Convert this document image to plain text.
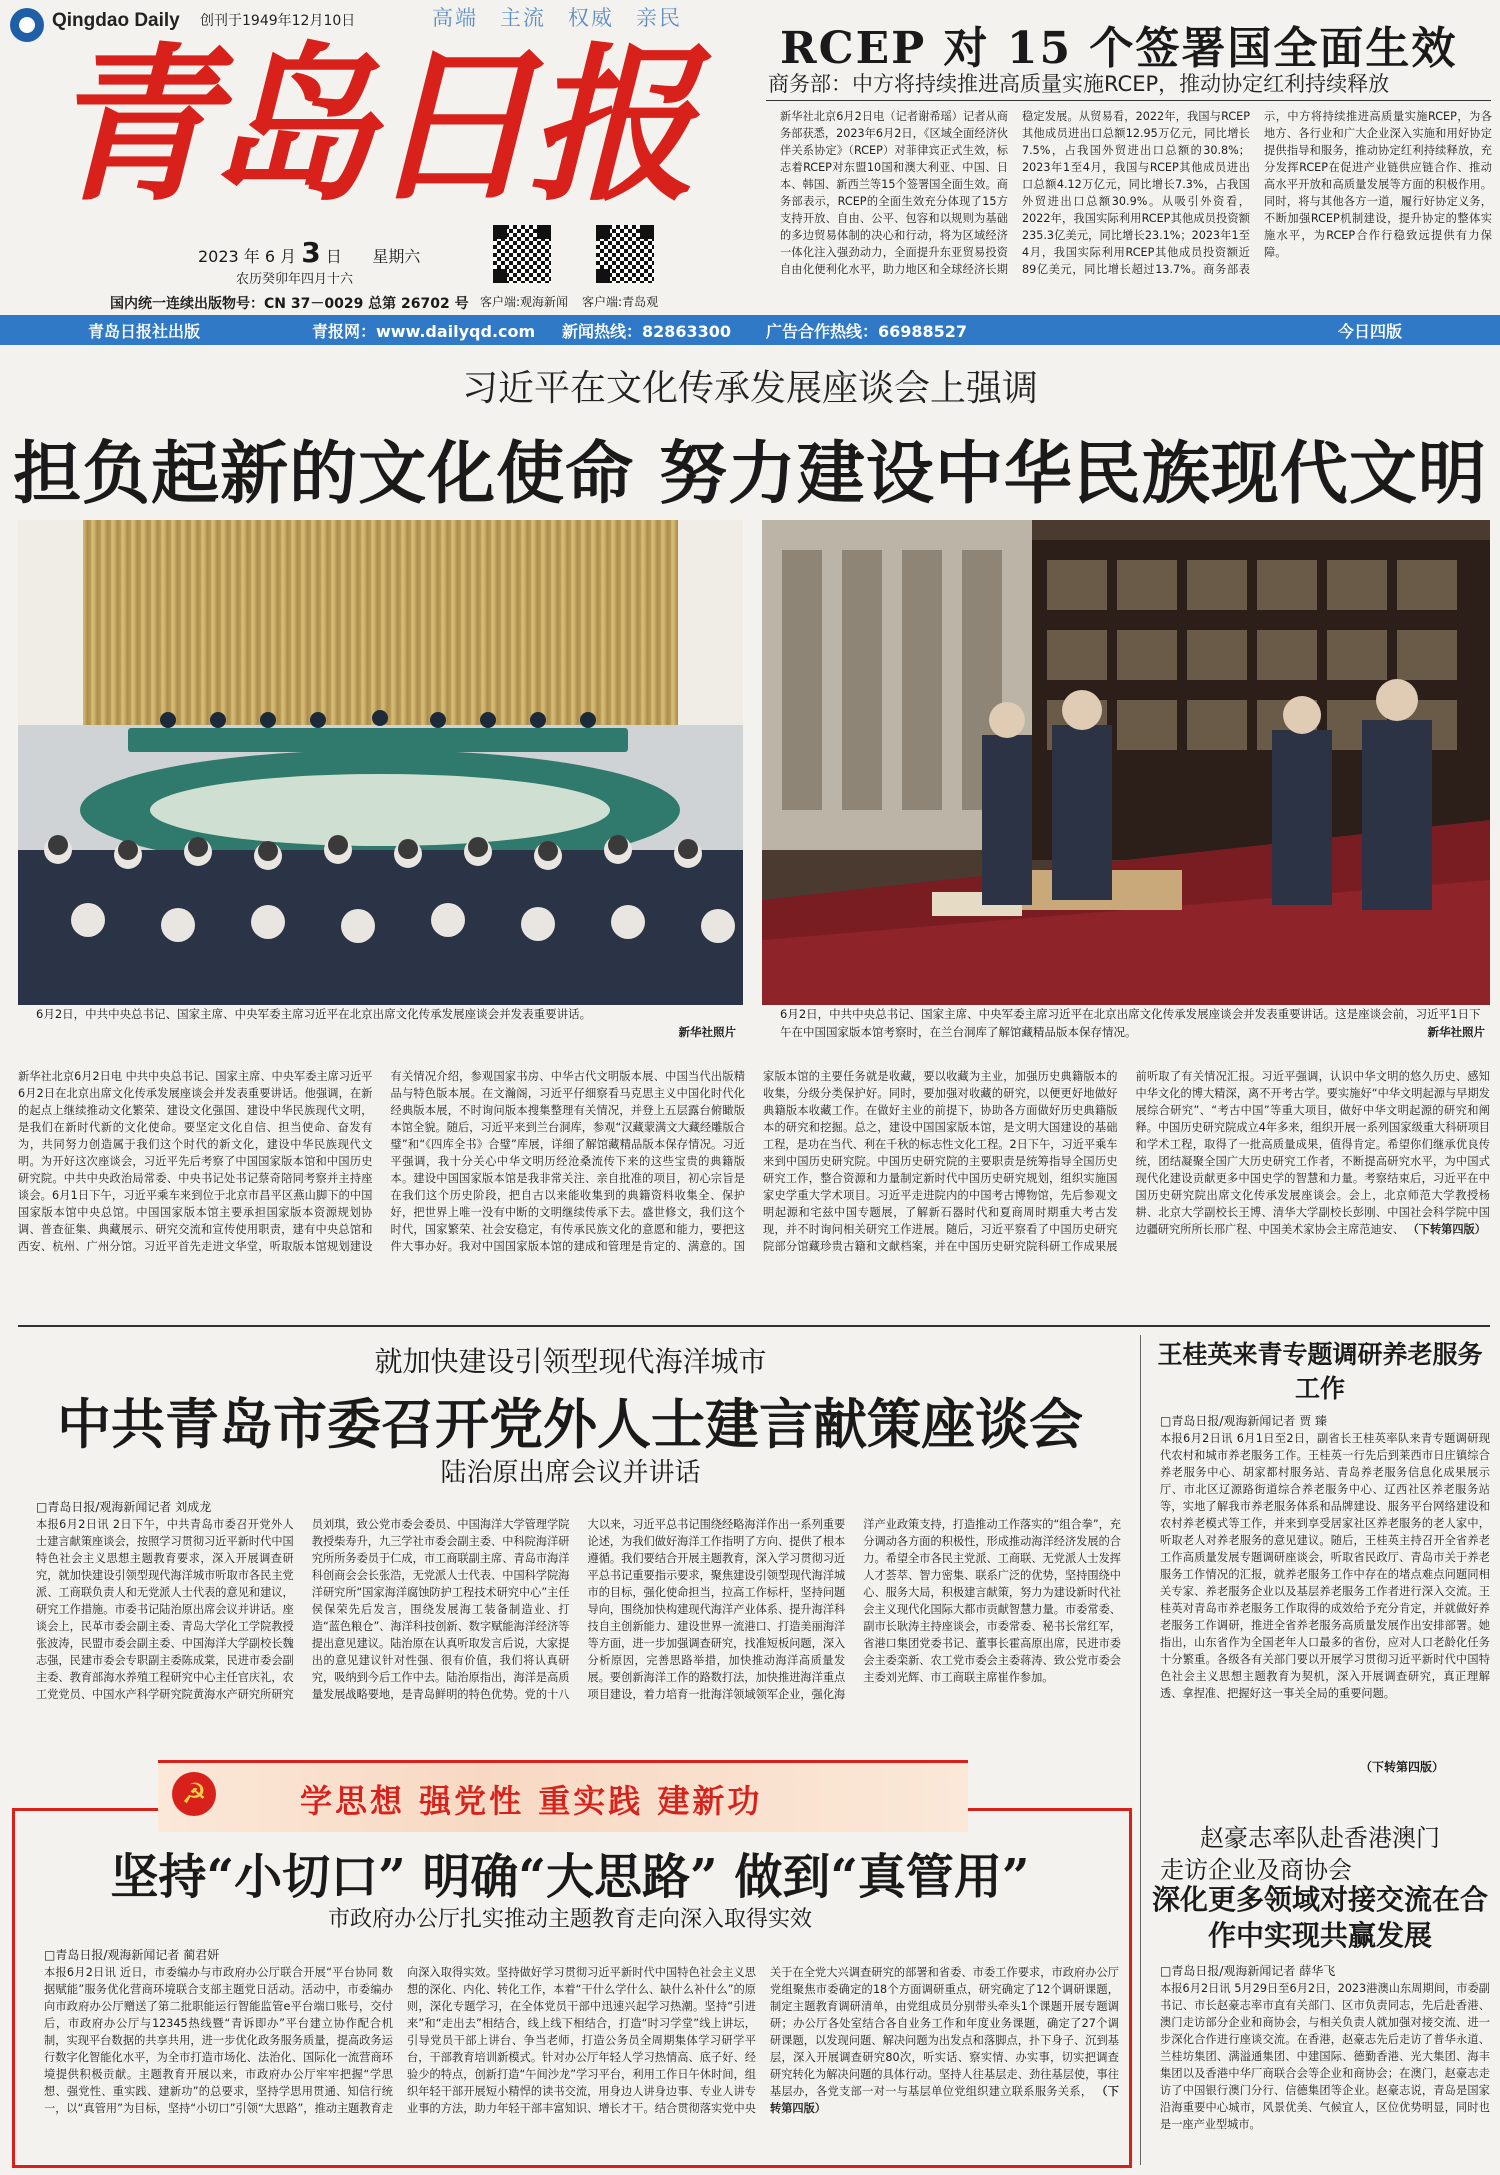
Qingdao Daily 创刊于1949年12月10日	高端 主流 权威 亲民
青岛日报
2023 年 6 月 3 日 星期六
农历癸卯年四月十六
国内统一连续出版物号：CN 37－0029 总第 26702 号 客户端:观海新闻 客户端:青岛观
RCEP 对 15 个签署国全面生效
商务部：中方将持续推进高质量实施RCEP，推动协定红利持续释放
新华社北京6月2日电（记者谢希瑶）记者从商务部获悉，2023年6月2日，《区域全面经济伙伴关系协定》（RCEP）对菲律宾正式生效，标志着RCEP对东盟10国和澳大利亚、中国、日本、韩国、新西兰等15个签署国全面生效。商务部表示，RCEP的全面生效充分体现了15方支持开放、自由、公平、包容和以规则为基础的多边贸易体制的决心和行动，将为区域经济一体化注入强劲动力，全面提升东亚贸易投资自由化便利化水平，助力地区和全球经济长期稳定发展。从贸易看，2022年，我国与RCEP其他成员进出口总额12.95万亿元，同比增长7.5%，占我国外贸进出口总额的30.8%；2023年1至4月，我国与RCEP其他成员进出口总额4.12万亿元，同比增长7.3%，占我国外贸进出口总额30.9%。从吸引外资看，2022年，我国实际利用RCEP其他成员投资额235.3亿美元，同比增长23.1%；2023年1至4月，我国实际利用RCEP其他成员投资额近89亿美元，同比增长超过13.7%。商务部表示，中方将持续推进高质量实施RCEP，为各地方、各行业和广大企业深入实施和用好协定提供指导和服务，推动协定红利持续释放，充分发挥RCEP在促进产业链供应链合作、推动高水平开放和高质量发展等方面的积极作用。同时，将与其他各方一道，履行好协定义务，不断加强RCEP机制建设，提升协定的整体实施水平，为RCEP合作行稳致远提供有力保障。
青岛日报社出版	青报网：www.dailyqd.com 新闻热线：82863300 广告合作热线：66988527	今日四版
习近平在文化传承发展座谈会上强调
担负起新的文化使命 努力建设中华民族现代文明
6月2日，中共中央总书记、国家主席、中央军委主席习近平在北京出席文化传承发展座谈会并发表重要讲话。

新华社照片
6月2日，中共中央总书记、国家主席、中央军委主席习近平在北京出席文化传承发展座谈会并发表重要讲话。这是座谈会前，习近平1日下午在中国国家版本馆考察时，在兰台洞库了解馆藏精品版本保存情况。	新华社照片
新华社北京6月2日电 中共中央总书记、国家主席、中央军委主席习近平6月2日在北京出席文化传承发展座谈会并发表重要讲话。他强调，在新的起点上继续推动文化繁荣、建设文化强国、建设中华民族现代文明，是我们在新时代新的文化使命。要坚定文化自信、担当使命、奋发有为，共同努力创造属于我们这个时代的新文化，建设中华民族现代文明。为开好这次座谈会，习近平先后考察了中国国家版本馆和中国历史研究院。中共中央政治局常委、中央书记处书记蔡奇陪同考察并主持座谈会。6月1日下午，习近平乘车来到位于北京市昌平区燕山脚下的中国国家版本馆中央总馆。中国国家版本馆主要承担国家版本资源规划协调、普查征集、典藏展示、研究交流和宣传使用职责，建有中央总馆和西安、杭州、广州分馆。习近平首先走进文华堂，听取版本馆规划建设有关情况介绍，参观国家书房、中华古代文明版本展、中国当代出版精品与特色版本展。在文瀚阁，习近平仔细察看马克思主义中国化时代化经典版本展，不时询问版本搜集整理有关情况，并登上五层露台俯瞰版本馆全貌。随后，习近平来到兰台洞库，参观“汉藏蒙满文大藏经雕版合璧”和“《四库全书》合璧”库展，详细了解馆藏精品版本保存情况。习近平强调，我十分关心中华文明历经沧桑流传下来的这些宝贵的典籍版本。建设中国国家版本馆是我非常关注、亲自批准的项目，初心宗旨是在我们这个历史阶段，把自古以来能收集到的典籍资料收集全、保护好，把世界上唯一没有中断的文明继续传承下去。盛世修文，我们这个时代，国家繁荣、社会安稳定，有传承民族文化的意愿和能力，要把这件大事办好。我对中国国家版本馆的建成和管理是肯定的、满意的。国家版本馆的主要任务就是收藏，要以收藏为主业，加强历史典籍版本的收集，分级分类保护好。同时，要加强对收藏的研究，以便更好地做好典籍版本收藏工作。在做好主业的前提下，协助各方面做好历史典籍版本的研究和挖掘。总之，建设中国国家版本馆，是文明大国建设的基础工程，是功在当代、利在千秋的标志性文化工程。2日下午，习近平乘车来到中国历史研究院。中国历史研究院的主要职责是统筹指导全国历史研究工作，整合资源和力量制定新时代中国历史研究规划，组织实施国家史学重大学术项目。习近平走进院内的中国考古博物馆，先后参观文明起源和宅兹中国专题展，了解新石器时代和夏商周时期重大考古发现，并不时询问相关研究工作进展。随后，习近平察看了中国历史研究院部分馆藏珍贵古籍和文献档案，并在中国历史研究院科研工作成果展前听取了有关情况汇报。习近平强调，认识中华文明的悠久历史、感知中华文化的博大精深，离不开考古学。要实施好“中华文明起源与早期发展综合研究”、“考古中国”等重大项目，做好中华文明起源的研究和阐释。中国历史研究院成立4年多来，组织开展一系列国家级重大科研项目和学术工程，取得了一批高质量成果，值得肯定。希望你们继承优良传统，团结凝聚全国广大历史研究工作者，不断提高研究水平，为中国式现代化建设贡献更多中国史学的智慧和力量。考察结束后，习近平在中国历史研究院出席文化传承发展座谈会。会上，北京师范大学教授杨耕、北京大学副校长王博、清华大学副校长彭刚、中国社会科学院中国边疆研究所所长邢广程、中国美术家协会主席范迪安、 （下转第四版）
就加快建设引领型现代海洋城市
中共青岛市委召开党外人士建言献策座谈会
陆治原出席会议并讲话
□青岛日报/观海新闻记者 刘成龙
本报6月2日讯 2日下午，中共青岛市委召开党外人士建言献策座谈会，按照学习贯彻习近平新时代中国特色社会主义思想主题教育要求，深入开展调查研究，就加快建设引领型现代海洋城市听取市各民主党派、工商联负责人和无党派人士代表的意见和建议，研究工作措施。市委书记陆治原出席会议并讲话。座谈会上，民革市委会副主委、青岛大学化工学院教授张波涛，民盟市委会副主委、中国海洋大学副校长魏志强，民建市委会专职副主委陈成棠，民进市委会副主委、教育部海水养殖工程研究中心主任官庆礼，农工党党员、中国水产科学研究院黄海水产研究所研究员刘琪，致公党市委会委员、中国海洋大学管理学院教授柴寿升，九三学社市委会副主委、中科院海洋研究所所务委员于仁成，市工商联副主席、青岛市海洋科创商会会长张浩，无党派人士代表、中国科学院海洋研究所“国家海洋腐蚀防护工程技术研究中心”主任侯保荣先后发言，围绕发展海工装备制造业、打造“蓝色粮仓”、海洋科技创新、数字赋能海洋经济等提出意见建议。陆治原在认真听取发言后说，大家提出的意见建议针对性强、很有价值，我们将认真研究，吸纳到今后工作中去。陆治原指出，海洋是高质量发展战略要地，是青岛鲜明的特色优势。党的十八大以来，习近平总书记围绕经略海洋作出一系列重要论述，为我们做好海洋工作指明了方向、提供了根本遵循。我们要结合开展主题教育，深入学习贯彻习近平总书记重要指示要求，聚焦建设引领型现代海洋城市的目标，强化使命担当，拉高工作标杆，坚持问题导向，围绕加快构建现代海洋产业体系、提升海洋科技自主创新能力、建设世界一流港口、打造美丽海洋等方面，进一步加强调查研究，找准短板问题，深入分析原因，完善思路举措，加快推动海洋高质量发展。要创新海洋工作的路数打法，加快推进海洋重点项目建设，着力培育一批海洋领域领军企业，强化海洋产业政策支持，打造推动工作落实的“组合拳”，充分调动各方面的积极性，形成推动海洋经济发展的合力。希望全市各民主党派、工商联、无党派人士发挥人才荟萃、智力密集、联系广泛的优势，坚持围绕中心、服务大局，积极建言献策，努力为建设新时代社会主义现代化国际大都市贡献智慧力量。市委常委、副市长耿涛主持座谈会，市委常委、秘书长常红军，省港口集团党委书记、董事长霍高原出席，民进市委会主委栾新、农工党市委会主委蒋涛、致公党市委会主委刘光辉、市工商联主席崔作参加。
王桂英来青专题调研养老服务工作
□青岛日报/观海新闻记者 贾 臻
本报6月2日讯 6月1日至2日，副省长王桂英率队来青专题调研现代农村和城市养老服务工作。王桂英一行先后到莱西市日庄镇综合养老服务中心、胡家都村服务站、青岛养老服务信息化成果展示厅、市北区辽源路街道综合养老服务中心、辽西社区养老服务站等，实地了解我市养老服务体系和品牌建设、服务平台网络建设和农村养老模式等工作，并来到享受居家社区养老服务的老人家中，听取老人对养老服务的意见建议。随后，王桂英主持召开全省养老工作高质量发展专题调研座谈会，听取省民政厅、青岛市关于养老服务工作情况的汇报，就养老服务工作中存在的堵点难点问题同相关专家、养老服务企业以及基层养老服务工作者进行深入交流。王桂英对青岛市养老服务工作取得的成效给予充分肯定，并就做好养老服务工作调研，推进全省养老服务高质量发展作出安排部署。她指出，山东省作为全国老年人口最多的省份，应对人口老龄化任务十分繁重。各级各有关部门要以开展学习贯彻习近平新时代中国特色社会主义思想主题教育为契机，深入开展调查研究，真正理解透、拿捏准、把握好这一事关全局的重要问题。
（下转第四版）
赵豪志率队赴香港澳门
走访企业及商协会
深化更多领域对接交流在合作中实现共赢发展
□青岛日报/观海新闻记者 薛华飞
本报6月2日讯 5月29日至6月2日，2023港澳山东周期间，市委副书记、市长赵豪志率市直有关部门、区市负责同志，先后赴香港、澳门走访部分企业和商协会，与相关负责人就加强对接交流、进一步深化合作进行座谈交流。在香港，赵豪志先后走访了普华永道、兰桂坊集团、满溢通集团、中建国际、德勤香港、光大集团、海丰集团以及香港中华厂商联合会等企业和商协会；在澳门，赵豪志走访了中国银行澳门分行、信德集团等企业。赵豪志说，青岛是国家沿海重要中心城市，风景优美、气候宜人，区位优势明显，同时也是一座产业型城市。
☭	学思想 强党性 重实践 建新功
坚持“小切口” 明确“大思路” 做到“真管用”
市政府办公厅扎实推动主题教育走向深入取得实效
□青岛日报/观海新闻记者 蔺君妍
本报6月2日讯 近日，市委编办与市政府办公厅联合开展“平台协同 数据赋能”服务优化营商环境联合支部主题党日活动。活动中，市委编办向市政府办公厅赠送了第二批职能运行智能监管e平台端口账号，交付后，市政府办公厅与12345热线暨“青诉即办”平台建立协作配合机制，实现平台数据的共享共用，进一步优化政务服务质量，提高政务运行数字化智能化水平，为全市打造市场化、法治化、国际化一流营商环境提供积极贡献。主题教育开展以来，市政府办公厅牢牢把握“学思想、强党性、重实践、建新功”的总要求，坚持学思用贯通、知信行统一，以“真管用”为目标，坚持“小切口”引领“大思路”，推动主题教育走向深入取得实效。坚持做好学习贯彻习近平新时代中国特色社会主义思想的深化、内化、转化工作，本着“干什么学什么、缺什么补什么”的原则，深化专题学习，在全体党员干部中迅速兴起学习热潮。坚持“引进来”和“走出去”相结合，线上线下相结合，打造“时习学堂”线上讲坛，引导党员干部上讲台、争当老师，打造公务员全周期集体学习研学平台，干部教育培训新模式。针对办公厅年轻人学习热情高、底子好、经验少的特点，创新打造“午间沙龙”学习平台，利用工作日午休时间，组织年轻干部开展短小精悍的读书交流，用身边人讲身边事、专业人讲专业事的方法，助力年轻干部丰富知识、增长才干。结合贯彻落实党中央关于在全党大兴调查研究的部署和省委、市委工作要求，市政府办公厅党组聚焦市委确定的18个方面调研重点，研究确定了12个调研课题，制定主题教育调研清单，由党组成员分别带头牵头1个课题开展专题调研；办公厅各处室结合各自业务工作和年度业务课题，确定了27个调研课题，以发现问题、解决问题为出发点和落脚点，扑下身子、沉到基层，深入开展调查研究80次，听实话、察实情、办实事，切实把调查研究转化为解决问题的具体行动。坚持人往基层走、劲往基层使，事往基层办，各党支部一对一与基层单位党组织建立联系服务关系， （下转第四版）
